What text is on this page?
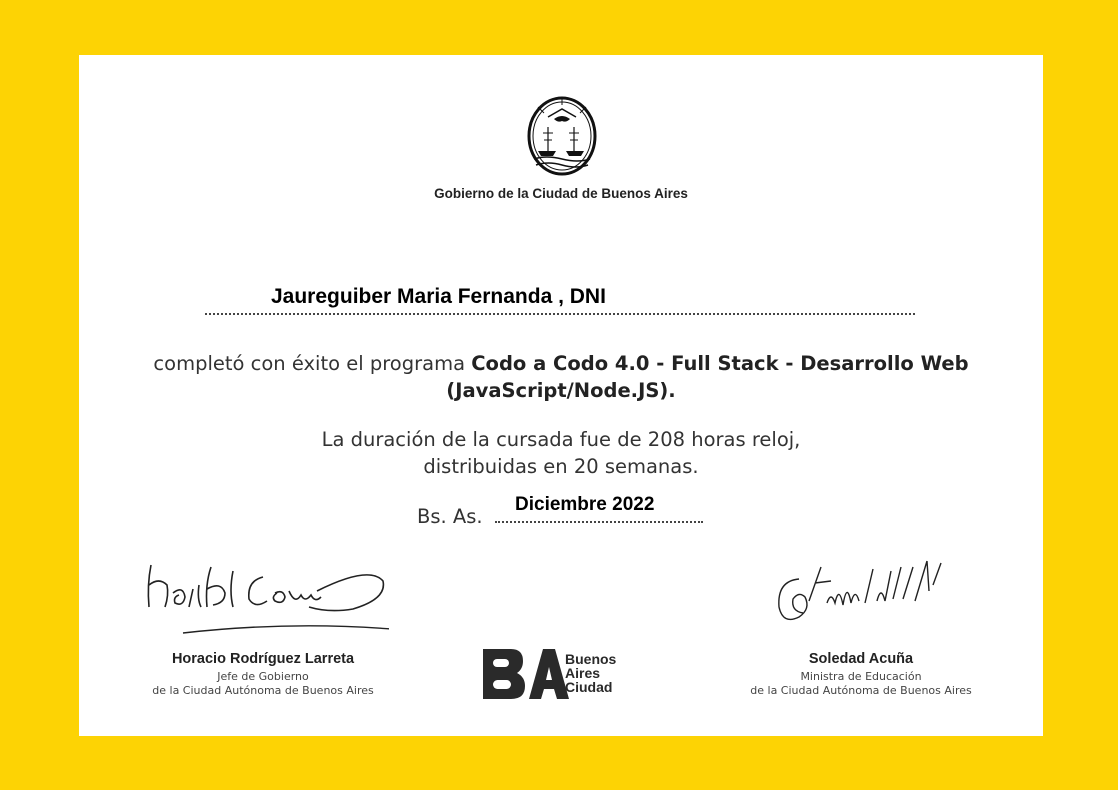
Gobierno de la Ciudad de Buenos Aires
Jaureguiber Maria Fernanda , DNI
completó con éxito el programa Codo a Codo 4.0 - Full Stack - Desarrollo Web
(JavaScript/Node.JS).
La duración de la cursada fue de 208 horas reloj,
distribuidas en 20 semanas.
Bs. As.
Diciembre 2022
Horacio Rodríguez Larreta
Jefe de Gobierno
de la Ciudad Autónoma de Buenos Aires
Buenos
Aires
Ciudad
Soledad Acuña
Ministra de Educación
de la Ciudad Autónoma de Buenos Aires
